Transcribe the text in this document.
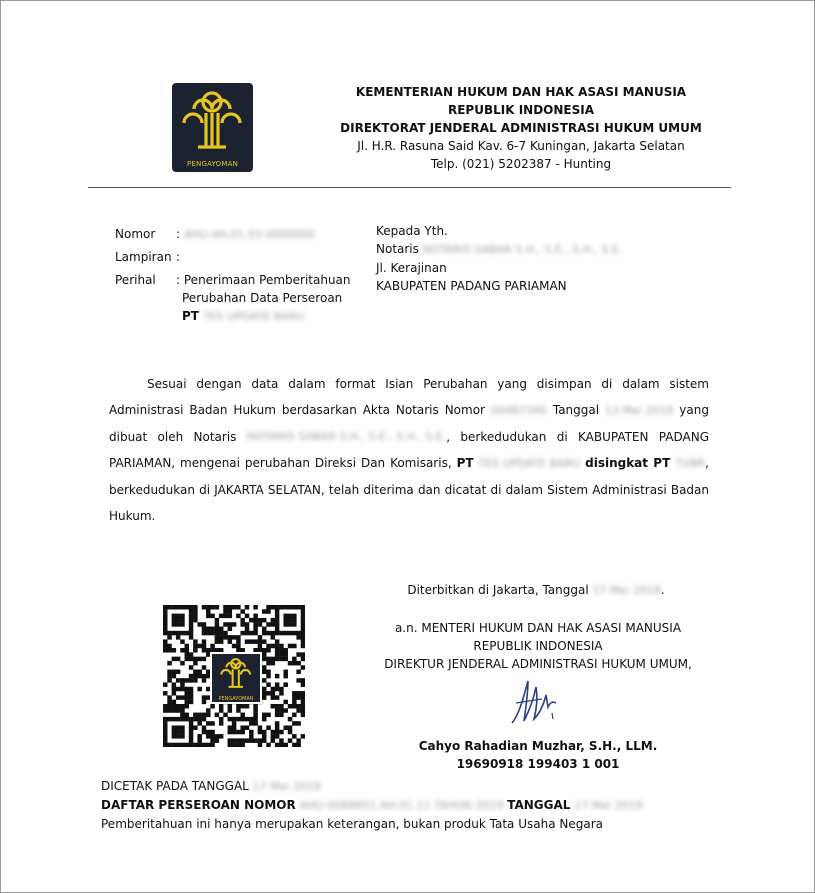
PENGAYOMAN
KEMENTERIAN HUKUM DAN HAK ASASI MANUSIA
REPUBLIK INDONESIA
DIREKTORAT JENDERAL ADMINISTRASI HUKUM UMUM
Jl. H.R. Rasuna Said Kav. 6-7 Kuningan, Jakarta Selatan
Telp. (021) 5202387 - Hunting
Nomor : AHU-AH.01.03-0000000
Lampiran :
Perihal : Penerimaan Pemberitahuan
Perubahan Data Perseroan
PT TES UPDATE BARU
Kepada Yth.
Notaris NOTARIS SABAR S.H., S.E., S.H., S.E.
Jl. Kerajinan
KABUPATEN PADANG PARIAMAN
Sesuai dengan data dalam format Isian Perubahan yang disimpan di dalam sistem Administrasi Badan Hukum berdasarkan Akta Notaris Nomor 00487340 Tanggal 13 Mei 2019 yang dibuat oleh Notaris NOTARIS SABAR S.H., S.E., S.H., S.E., berkedudukan di KABUPATEN PADANG PARIAMAN, mengenai perubahan Direksi Dan Komisaris, PT TES UPDATE BARU disingkat PT TUBR, berkedudukan di JAKARTA SELATAN, telah diterima dan dicatat di dalam Sistem Administrasi Badan Hukum.
PENGAYOMAN
Diterbitkan di Jakarta, Tanggal 17 Mei 2019.
a.n. MENTERI HUKUM DAN HAK ASASI MANUSIA
REPUBLIK INDONESIA
DIREKTUR JENDERAL ADMINISTRASI HUKUM UMUM,
Cahyo Rahadian Muzhar, S.H., LLM.
19690918 199403 1 001
DICETAK PADA TANGGAL 17 Mei 2019
DAFTAR PERSEROAN NOMOR AHU-0088851.AH.01.11.TAHUN 2019 TANGGAL 17 Mei 2019
Pemberitahuan ini hanya merupakan keterangan, bukan produk Tata Usaha Negara
